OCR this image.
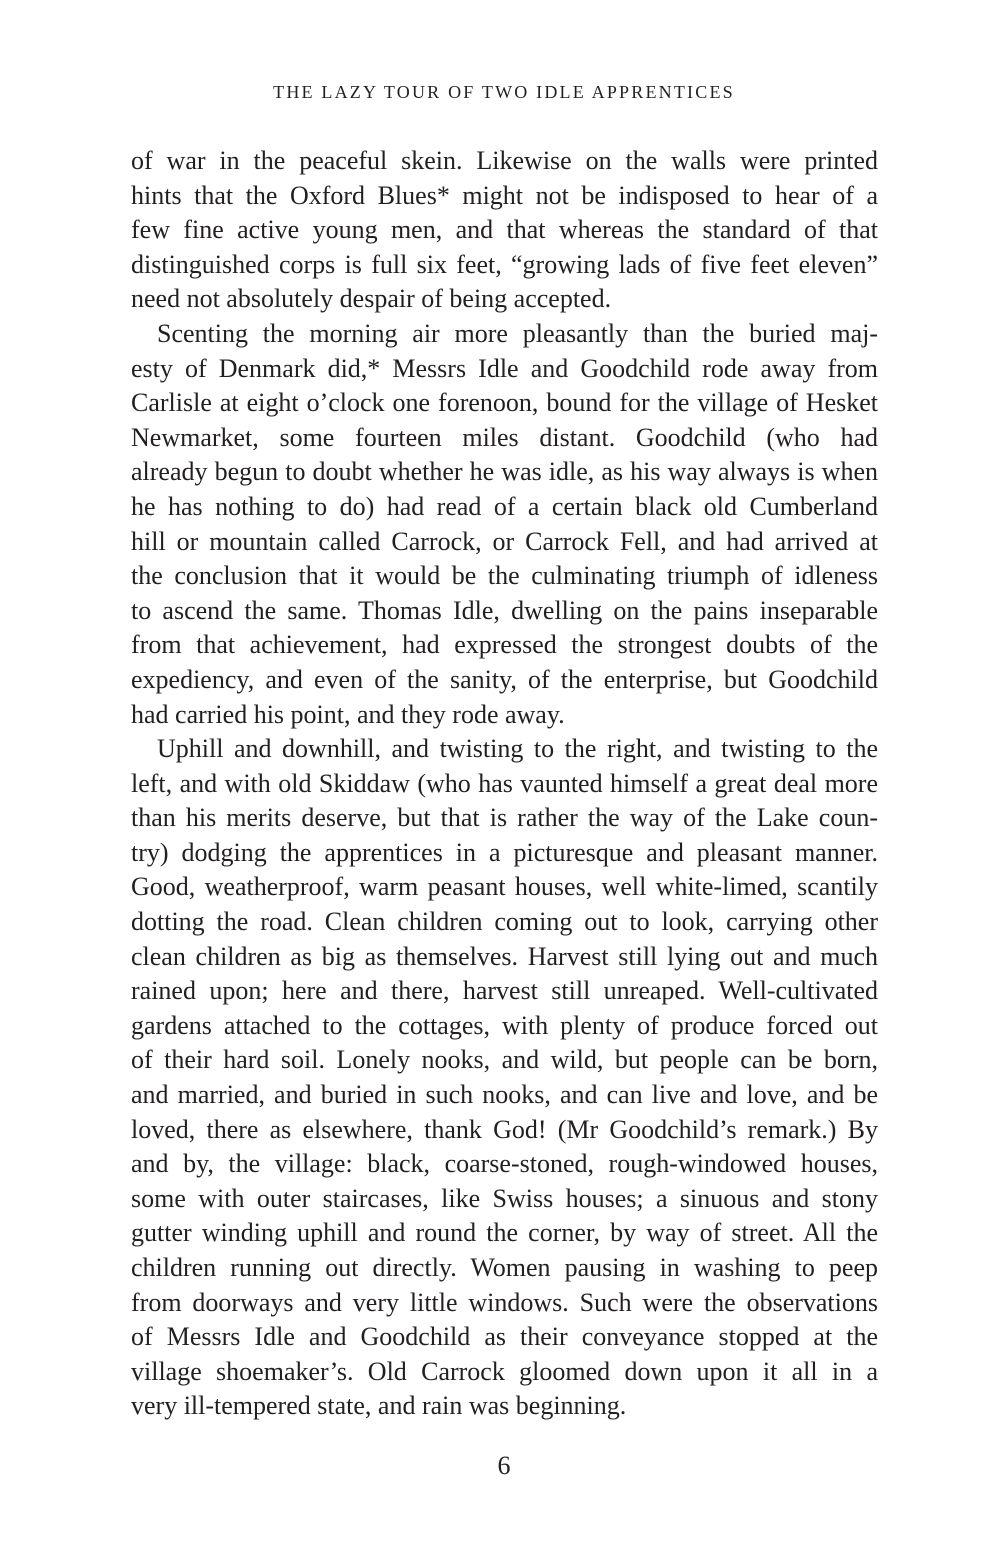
THE LAZY TOUR OF TWO IDLE APPRENTICES
of war in the peaceful skein. Likewise on the walls were printed
hints that the Oxford Blues* might not be indisposed to hear of a
few fine active young men, and that whereas the standard of that
distinguished corps is full six feet, “growing lads of five feet eleven”
need not absolutely despair of being accepted.
Scenting the morning air more pleasantly than the buried maj-
esty of Denmark did,* Messrs Idle and Goodchild rode away from
Carlisle at eight o’clock one forenoon, bound for the village of Hesket
Newmarket, some fourteen miles distant. Goodchild (who had
already begun to doubt whether he was idle, as his way always is when
he has nothing to do) had read of a certain black old Cumberland
hill or mountain called Carrock, or Carrock Fell, and had arrived at
the conclusion that it would be the culminating triumph of idleness
to ascend the same. Thomas Idle, dwelling on the pains inseparable
from that achievement, had expressed the strongest doubts of the
expediency, and even of the sanity, of the enterprise, but Goodchild
had carried his point, and they rode away.
Uphill and downhill, and twisting to the right, and twisting to the
left, and with old Skiddaw (who has vaunted himself a great deal more
than his merits deserve, but that is rather the way of the Lake coun-
try) dodging the apprentices in a picturesque and pleasant manner.
Good, weatherproof, warm peasant houses, well white-limed, scantily
dotting the road. Clean children coming out to look, carrying other
clean children as big as themselves. Harvest still lying out and much
rained upon; here and there, harvest still unreaped. Well-cultivated
gardens attached to the cottages, with plenty of produce forced out
of their hard soil. Lonely nooks, and wild, but people can be born,
and married, and buried in such nooks, and can live and love, and be
loved, there as elsewhere, thank God! (Mr Goodchild’s remark.) By
and by, the village: black, coarse-stoned, rough-windowed houses,
some with outer staircases, like Swiss houses; a sinuous and stony
gutter winding uphill and round the corner, by way of street. All the
children running out directly. Women pausing in washing to peep
from doorways and very little windows. Such were the observations
of Messrs Idle and Goodchild as their conveyance stopped at the
village shoemaker’s. Old Carrock gloomed down upon it all in a
very ill-tempered state, and rain was beginning.
6
